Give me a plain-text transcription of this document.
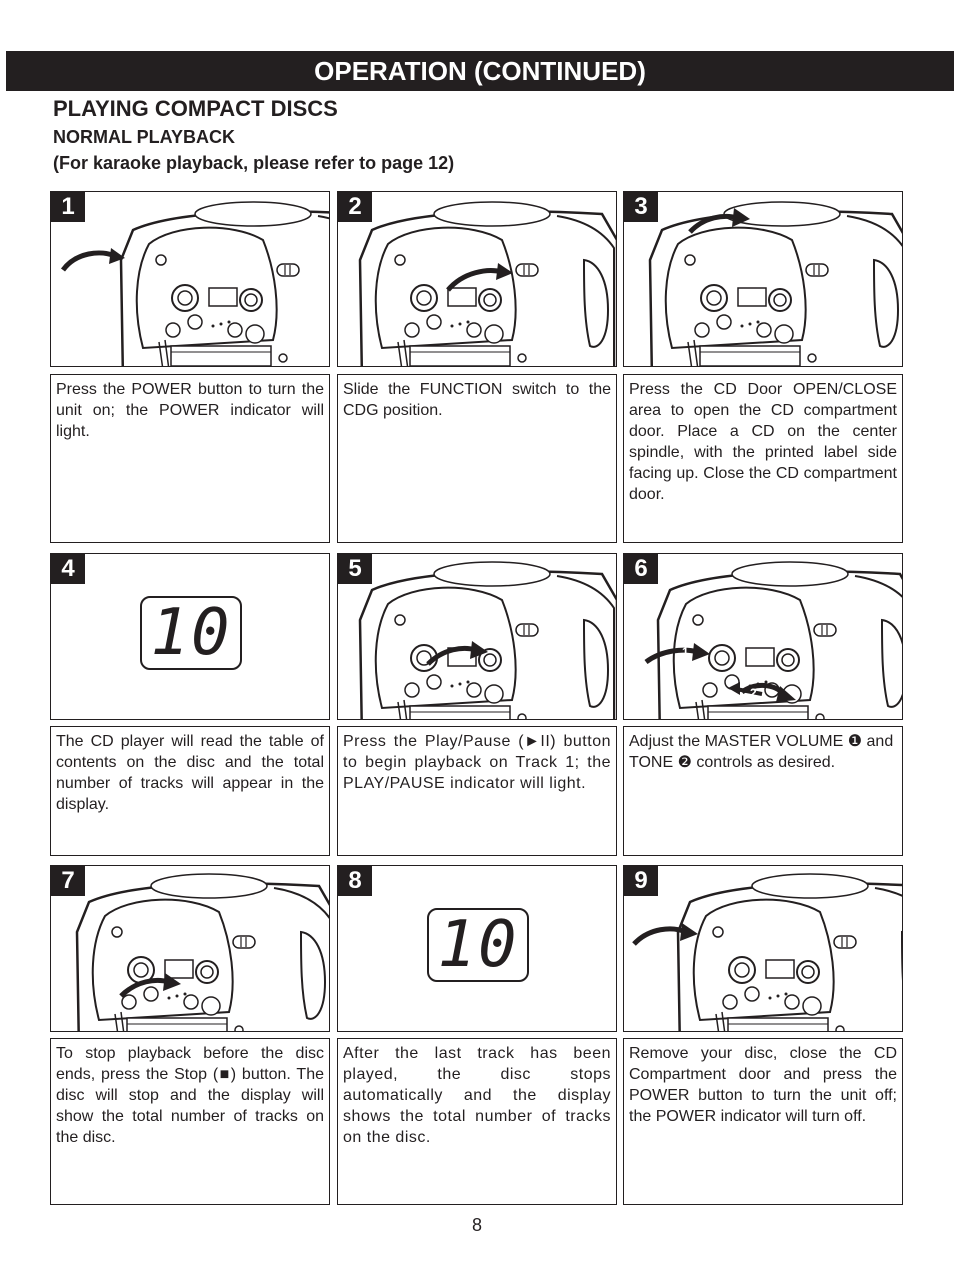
OPERATION (CONTINUED)
PLAYING COMPACT DISCS
NORMAL PLAYBACK
(For karaoke playback, please refer to page 12)
1
Press the POWER button to turn the unit on; the POWER indicator will light.
2
Slide the FUNCTION switch to the CDG position.
3
Press the CD Door OPEN/CLOSE area to open the CD compartment door. Place a CD on the center spindle, with the printed label side facing up. Close the CD compartment door.
4
10
The CD player will read the table of contents on the disc and the total number of tracks will appear in the display.
5
Press the Play/Pause (►II) button to begin playback on Track 1; the PLAY/PAUSE indicator will light.
6
1
2
Adjust the MASTER VOLUME ❶ and TONE ❷ controls as desired.
7
To stop playback before the disc ends, press the Stop (■) button. The disc will stop and the display will show the total number of tracks on the disc.
8
10
After the last track has been played, the disc stops automatically and the display shows the total number of tracks on the disc.
9
Remove your disc, close the CD Compartment door and press the POWER button to turn the unit off; the POWER indicator will turn off.
8
